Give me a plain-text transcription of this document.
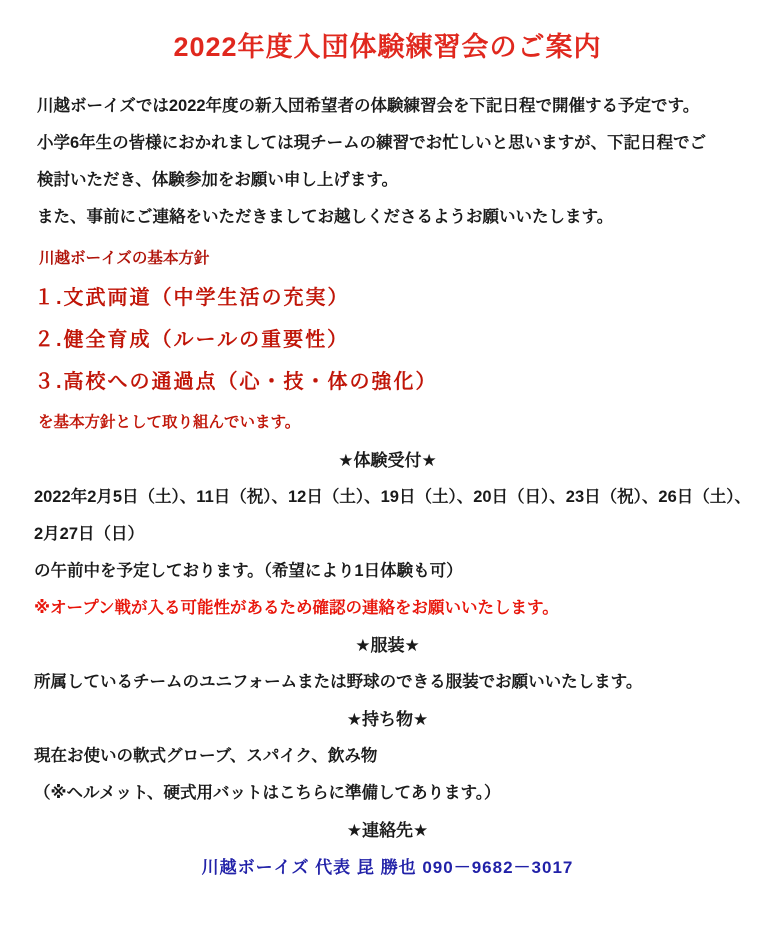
2022年度入団体験練習会のご案内
川越ボーイズでは2022年度の新入団希望者の体験練習会を下記日程で開催する予定です。
小学6年生の皆様におかれましては現チームの練習でお忙しいと思いますが、下記日程でご
検討いただき、体験参加をお願い申し上げます。
また、事前にご連絡をいただきましてお越しくださるようお願いいたします。
川越ボーイズの基本方針
１.文武両道（中学生活の充実）
２.健全育成（ルールの重要性）
３.高校への通過点（心・技・体の強化）
を基本方針として取り組んでいます。
★体験受付★
2022年2月5日（土）、11日（祝）、12日（土）、19日（土）、20日（日）、23日（祝）、26日（土）、
2月27日（日）
の午前中を予定しております。（希望により1日体験も可）
※オープン戦が入る可能性があるため確認の連絡をお願いいたします。
★服装★
所属しているチームのユニフォームまたは野球のできる服装でお願いいたします。
★持ち物★
現在お使いの軟式グローブ、スパイク、飲み物
（※ヘルメット、硬式用バットはこちらに準備してあります。）
★連絡先★
川越ボーイズ 代表 昆 勝也 090－9682－3017
